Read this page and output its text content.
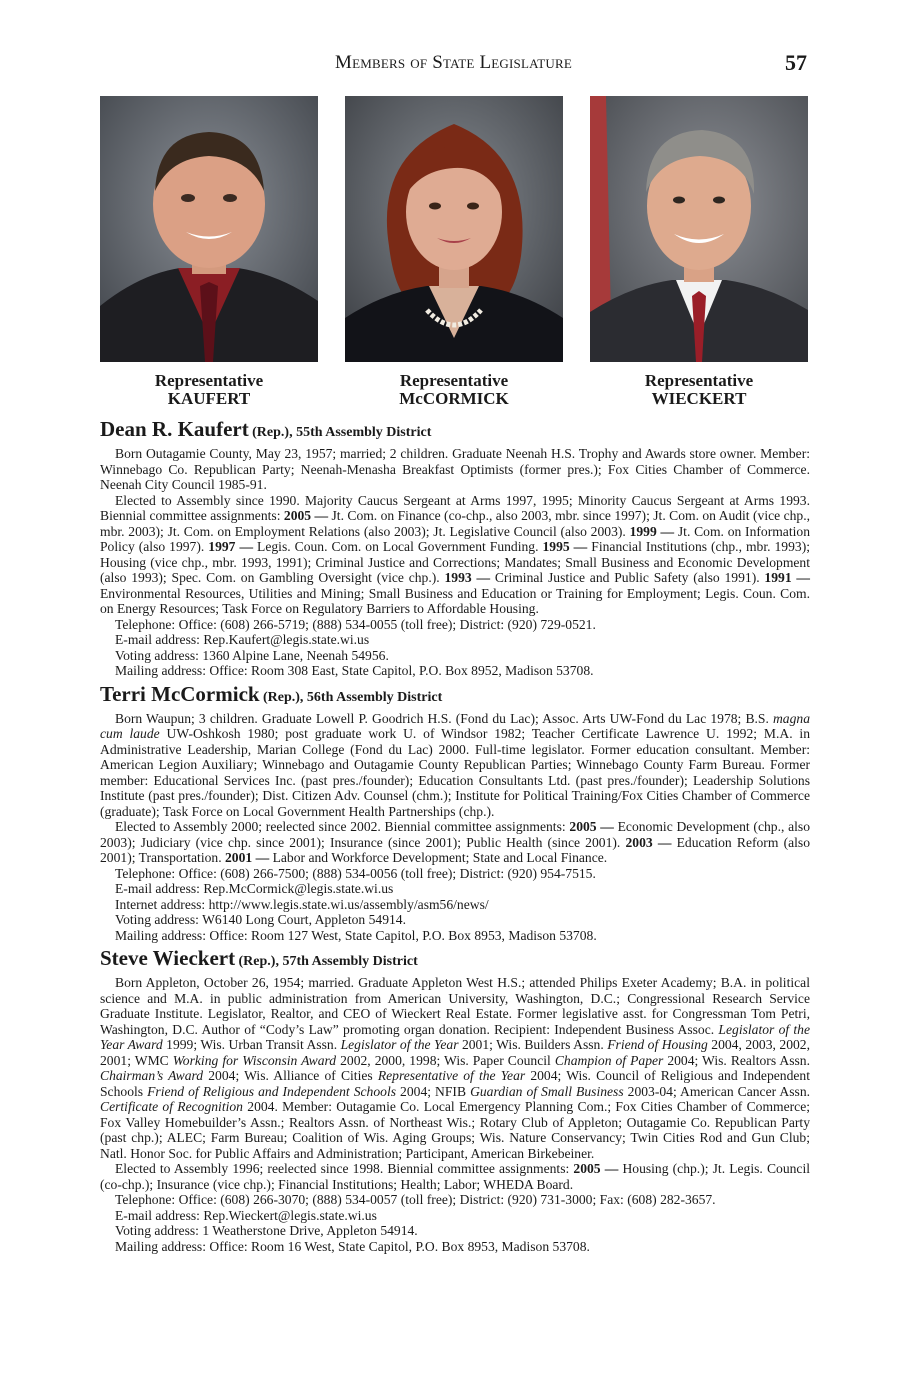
Members of State Legislature	57
Representative
KAUFERT
Representative
McCORMICK
Representative
WIECKERT
Dean R. Kaufert (Rep.), 55th Assembly District

Born Outagamie County, May 23, 1957; married; 2 children. Graduate Neenah H.S. Trophy and Awards store owner. Member: Winnebago Co. Republican Party; Neenah-Menasha Breakfast Optimists (former pres.); Fox Cities Chamber of Commerce. Neenah City Council 1985-91.

Elected to Assembly since 1990. Majority Caucus Sergeant at Arms 1997, 1995; Minority Caucus Sergeant at Arms 1993. Biennial committee assignments: 2005 — Jt. Com. on Finance (co-chp., also 2003, mbr. since 1997); Jt. Com. on Audit (vice chp., mbr. 2003); Jt. Com. on Employment Relations (also 2003); Jt. Legislative Council (also 2003). 1999 — Jt. Com. on Information Policy (also 1997). 1997 — Legis. Coun. Com. on Local Government Funding. 1995 — Financial Institutions (chp., mbr. 1993); Housing (vice chp., mbr. 1993, 1991); Criminal Justice and Corrections; Mandates; Small Business and Economic Development (also 1993); Spec. Com. on Gambling Oversight (vice chp.). 1993 — Criminal Justice and Public Safety (also 1991). 1991 — Environmental Resources, Utilities and Mining; Small Business and Education or Training for Employment; Legis. Coun. Com. on Energy Resources; Task Force on Regulatory Barriers to Affordable Housing.

Telephone: Office: (608) 266-5719; (888) 534-0055 (toll free); District: (920) 729-0521.

E-mail address: Rep.Kaufert@legis.state.wi.us

Voting address: 1360 Alpine Lane, Neenah 54956.

Mailing address: Office: Room 308 East, State Capitol, P.O. Box 8952, Madison 53708.

Terri McCormick (Rep.), 56th Assembly District

Born Waupun; 3 children. Graduate Lowell P. Goodrich H.S. (Fond du Lac); Assoc. Arts UW-Fond du Lac 1978; B.S. magna cum laude UW-Oshkosh 1980; post graduate work U. of Windsor 1982; Teacher Certificate Lawrence U. 1992; M.A. in Administrative Leadership, Marian College (Fond du Lac) 2000. Full-time legislator. Former education consultant. Member: American Legion Auxiliary; Winnebago and Outagamie County Republican Parties; Winnebago County Farm Bureau. Former member: Educational Services Inc. (past pres./founder); Education Consultants Ltd. (past pres./founder); Leadership Solutions Institute (past pres./founder); Dist. Citizen Adv. Counsel (chm.); Institute for Political Training/Fox Cities Chamber of Commerce (graduate); Task Force on Local Government Health Partnerships (chp.).

Elected to Assembly 2000; reelected since 2002. Biennial committee assignments: 2005 — Economic Development (chp., also 2003); Judiciary (vice chp. since 2001); Insurance (since 2001); Public Health (since 2001). 2003 — Education Reform (also 2001); Transportation. 2001 — Labor and Workforce Development; State and Local Finance.

Telephone: Office: (608) 266-7500; (888) 534-0056 (toll free); District: (920) 954-7515.

E-mail address: Rep.McCormick@legis.state.wi.us

Internet address: http://www.legis.state.wi.us/assembly/asm56/news/

Voting address: W6140 Long Court, Appleton 54914.

Mailing address: Office: Room 127 West, State Capitol, P.O. Box 8953, Madison 53708.

Steve Wieckert (Rep.), 57th Assembly District

Born Appleton, October 26, 1954; married. Graduate Appleton West H.S.; attended Philips Exeter Academy; B.A. in political science and M.A. in public administration from American University, Washington, D.C.; Congressional Research Service Graduate Institute. Legislator, Realtor, and CEO of Wieckert Real Estate. Former legislative asst. for Congressman Tom Petri, Washington, D.C. Author of “Cody’s Law” promoting organ donation. Recipient: Independent Business Assoc. Legislator of the Year Award 1999; Wis. Urban Transit Assn. Legislator of the Year 2001; Wis. Builders Assn. Friend of Housing 2004, 2003, 2002, 2001; WMC Working for Wisconsin Award 2002, 2000, 1998; Wis. Paper Council Champion of Paper 2004; Wis. Realtors Assn. Chairman’s Award 2004; Wis. Alliance of Cities Representative of the Year 2004; Wis. Council of Religious and Independent Schools Friend of Religious and Independent Schools 2004; NFIB Guardian of Small Business 2003-04; American Cancer Assn. Certificate of Recognition 2004. Member: Outagamie Co. Local Emergency Planning Com.; Fox Cities Chamber of Commerce; Fox Valley Homebuilder’s Assn.; Realtors Assn. of Northeast Wis.; Rotary Club of Appleton; Outagamie Co. Republican Party (past chp.); ALEC; Farm Bureau; Coalition of Wis. Aging Groups; Wis. Nature Conservancy; Twin Cities Rod and Gun Club; Natl. Honor Soc. for Public Affairs and Administration; Participant, American Birkebeiner.

Elected to Assembly 1996; reelected since 1998. Biennial committee assignments: 2005 — Housing (chp.); Jt. Legis. Council (co-chp.); Insurance (vice chp.); Financial Institutions; Health; Labor; WHEDA Board.

Telephone: Office: (608) 266-3070; (888) 534-0057 (toll free); District: (920) 731-3000; Fax: (608) 282-3657.

E-mail address: Rep.Wieckert@legis.state.wi.us

Voting address: 1 Weatherstone Drive, Appleton 54914.

Mailing address: Office: Room 16 West, State Capitol, P.O. Box 8953, Madison 53708.
